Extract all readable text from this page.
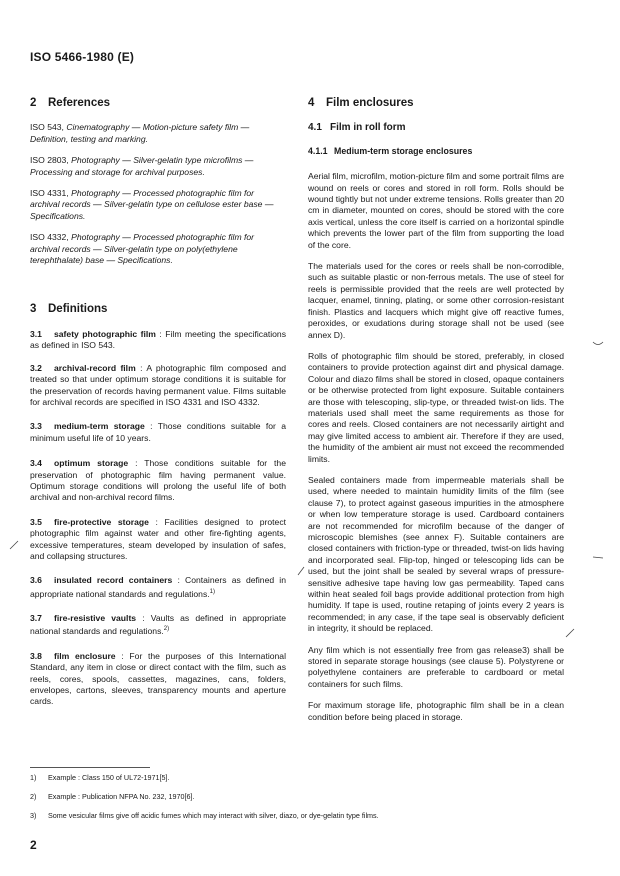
ISO 5466-1980 (E)
2 References
ISO 543, Cinematography — Motion-picture safety film — Definition, testing and marking.
ISO 2803, Photography — Silver-gelatin type microfilms — Processing and storage for archival purposes.
ISO 4331, Photography — Processed photographic film for archival records — Silver-gelatin type on cellulose ester base — Specifications.
ISO 4332, Photography — Processed photographic film for archival records — Silver-gelatin type on poly(ethylene terephthalate) base — Specifications.
3 Definitions
3.1 safety photographic film : Film meeting the specifications as defined in ISO 543.
3.2 archival-record film : A photographic film composed and treated so that under optimum storage conditions it is suitable for the preservation of records having permanent value. Films suitable for archival records are specified in ISO 4331 and ISO 4332.
3.3 medium-term storage : Those conditions suitable for a minimum useful life of 10 years.
3.4 optimum storage : Those conditions suitable for the preservation of photographic film having permanent value. Optimum storage conditions will prolong the useful life of both archival and non-archival record films.
3.5 fire-protective storage : Facilities designed to protect photographic film against water and other fire-fighting agents, excessive temperatures, steam developed by insulation of safes, and collapsing structures.
3.6 insulated record containers : Containers as defined in appropriate national standards and regulations.$^{1)}$
3.7 fire-resistive vaults : Vaults as defined in appropriate national standards and regulations.$^{2)}$
3.8 film enclosure : For the purposes of this International Standard, any item in close or direct contact with the film, such as reels, cores, spools, cassettes, magazines, cans, folders, envelopes, cartons, sleeves, transparency mounts and aperture cards.
4 Film enclosures
4.1 Film in roll form
4.1.1 Medium-term storage enclosures
Aerial film, microfilm, motion-picture film and some portrait films are wound on reels or cores and stored in roll form. Rolls should be wound tightly but not under extreme tensions. Rolls greater than 20 cm in diameter, mounted on cores, should be stored with the core axis vertical, unless the core itself is carried on a horizontal spindle which prevents the lower part of the film from supporting the load of the core.
The materials used for the cores or reels shall be non-corrodible, such as suitable plastic or non-ferrous metals. The use of steel for reels is permissible provided that the reels are well protected by lacquer, enamel, tinning, plating, or some other corrosion-resistant finish. Plastics and lacquers which might give off reactive fumes, peroxides, or exudations during storage shall not be used (see annex D).
Rolls of photographic film should be stored, preferably, in closed containers to provide protection against dirt and physical damage. Colour and diazo films shall be stored in closed, opaque containers or be otherwise protected from light exposure. Suitable containers are those with telescoping, slip-type, or threaded twist-on lids. The materials used shall meet the same requirements as those for cores and reels. Closed containers are not necessarily airtight and may give limited access to ambient air. Therefore if they are used, the humidity of the ambient air must not exceed the recommended limits.
Sealed containers made from impermeable materials shall be used, where needed to maintain humidity limits of the film (see clause 7), to protect against gaseous impurities in the atmosphere or when low temperature storage is used. Cardboard containers are not recommended for microfilm because of the danger of microscopic blemishes (see annex F). Suitable containers are closed containers with friction-type or threaded, twist-on lids having and incorporated seal. Flip-top, hinged or telescoping lids can be used, but the joint shall be sealed by several wraps of pressure-sensitive adhesive tape having low gas permeability. Taped cans within heat sealed foil bags provide additional protection from high humidity. If tape is used, routine retaping of joints every 2 years is recommended; in any case, if the tape seal is observably deficient in integrity, it should be replaced.
Any film which is not essentially free from gas release3) shall be stored in separate storage housings (see clause 5). Polystyrene or polyethylene containers are preferable to cardboard or metal containers for such films.
For maximum storage life, photographic film shall be in a clean condition before being placed in storage.
1) Example : Class 150 of UL72-1971[5].
2) Example : Publication NFPA No. 232, 1970[6].
3) Some vesicular films give off acidic fumes which may interact with silver, diazo, or dye-gelatin type films.
2
